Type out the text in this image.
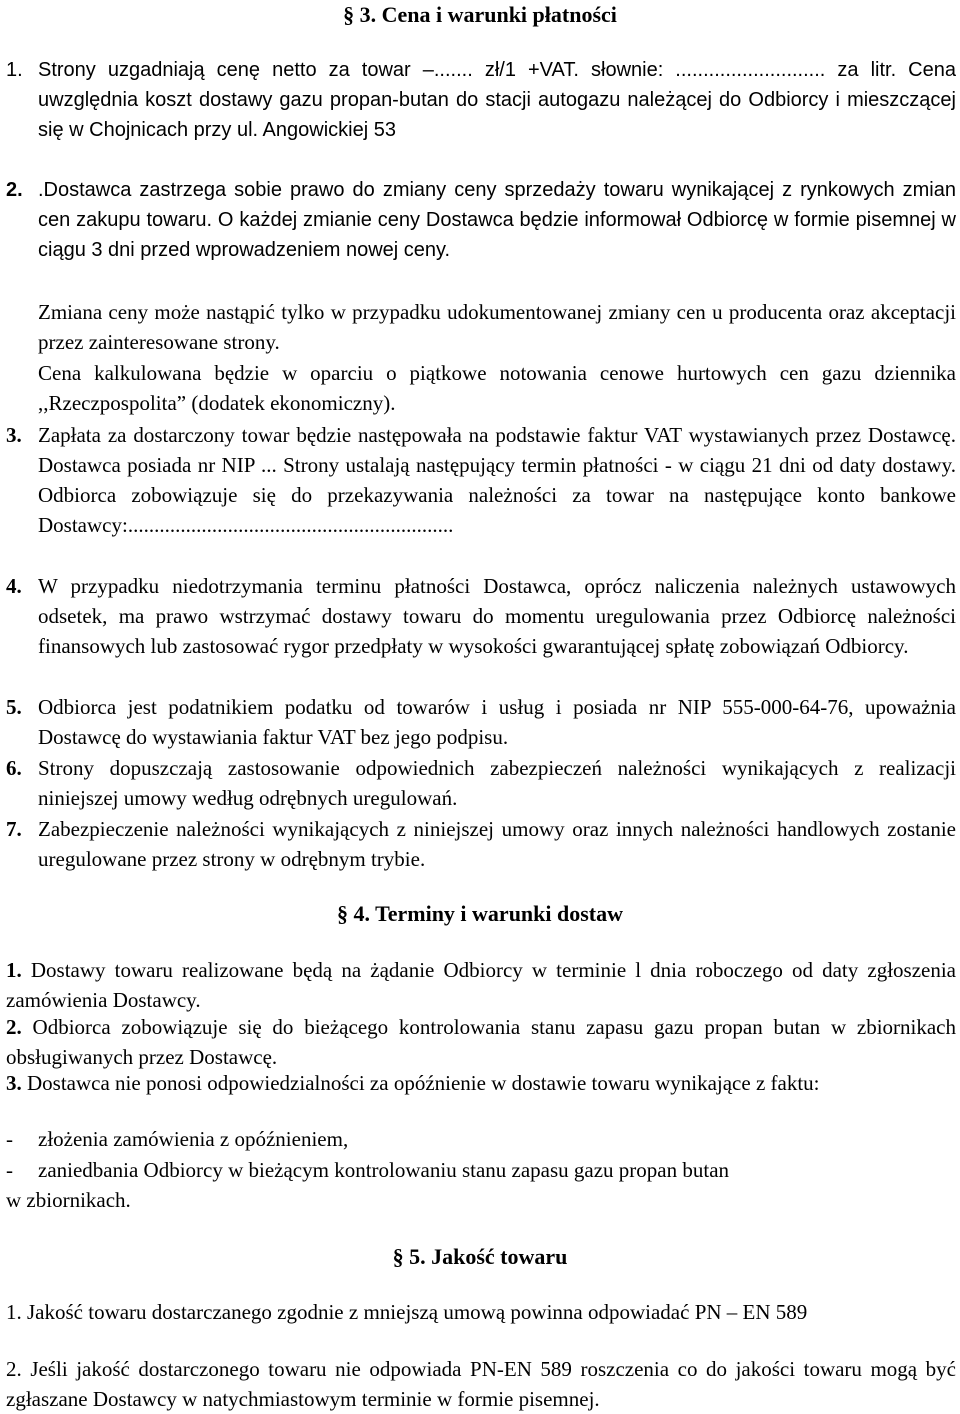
§ 3. Cena i warunki płatności
1. Strony uzgadniają cenę netto za towar –....... zł/1 +VAT. słownie: ........................... za litr. Cena uwzględnia koszt dostawy gazu propan-butan do stacji autogazu należącej do Odbiorcy i mieszczącej się w Chojnicach przy ul. Angowickiej 53
2. .Dostawca zastrzega sobie prawo do zmiany ceny sprzedaży towaru wynikającej z rynkowych zmian cen zakupu towaru. O każdej zmianie ceny Dostawca będzie informował Odbiorcę w formie pisemnej w ciągu 3 dni przed wprowadzeniem nowej ceny.
Zmiana ceny może nastąpić tylko w przypadku udokumentowanej zmiany cen u producenta oraz akceptacji przez zainteresowane strony.
Cena kalkulowana będzie w oparciu o piątkowe notowania cenowe hurtowych cen gazu dziennika ,,Rzeczpospolita” (dodatek ekonomiczny).
3. Zapłata za dostarczony towar będzie następowała na podstawie faktur VAT wystawianych przez Dostawcę. Dostawca posiada nr NIP ... Strony ustalają następujący termin płatności - w ciągu 21 dni od daty dostawy. Odbiorca zobowiązuje się do przekazywania należności za towar na następujące konto bankowe Dostawcy:..............................................................
4. W przypadku niedotrzymania terminu płatności Dostawca, oprócz naliczenia należnych ustawowych odsetek, ma prawo wstrzymać dostawy towaru do momentu uregulowania przez Odbiorcę należności finansowych lub zastosować rygor przedpłaty w wysokości gwarantującej spłatę zobowiązań Odbiorcy.
5. Odbiorca jest podatnikiem podatku od towarów i usług i posiada nr NIP 555-000-64-76, upoważnia Dostawcę do wystawiania faktur VAT bez jego podpisu.
6. Strony dopuszczają zastosowanie odpowiednich zabezpieczeń należności wynikających z realizacji niniejszej umowy według odrębnych uregulowań.
7. Zabezpieczenie należności wynikających z niniejszej umowy oraz innych należności handlowych zostanie uregulowane przez strony w odrębnym trybie.
§ 4. Terminy i warunki dostaw
1. Dostawy towaru realizowane będą na żądanie Odbiorcy w terminie l dnia roboczego od daty zgłoszenia zamówienia Dostawcy.
2. Odbiorca zobowiązuje się do bieżącego kontrolowania stanu zapasu gazu propan butan w zbiornikach obsługiwanych przez Dostawcę.
3. Dostawca nie ponosi odpowiedzialności za opóźnienie w dostawie towaru wynikające z faktu:
- złożenia zamówienia z opóźnieniem,
- zaniedbania Odbiorcy w bieżącym kontrolowaniu stanu zapasu gazu propan butan
w zbiornikach.
§ 5. Jakość towaru
1. Jakość towaru dostarczanego zgodnie z mniejszą umową powinna odpowiadać PN – EN 589
2. Jeśli jakość dostarczonego towaru nie odpowiada PN-EN 589 roszczenia co do jakości towaru mogą być zgłaszane Dostawcy w natychmiastowym terminie w formie pisemnej.
